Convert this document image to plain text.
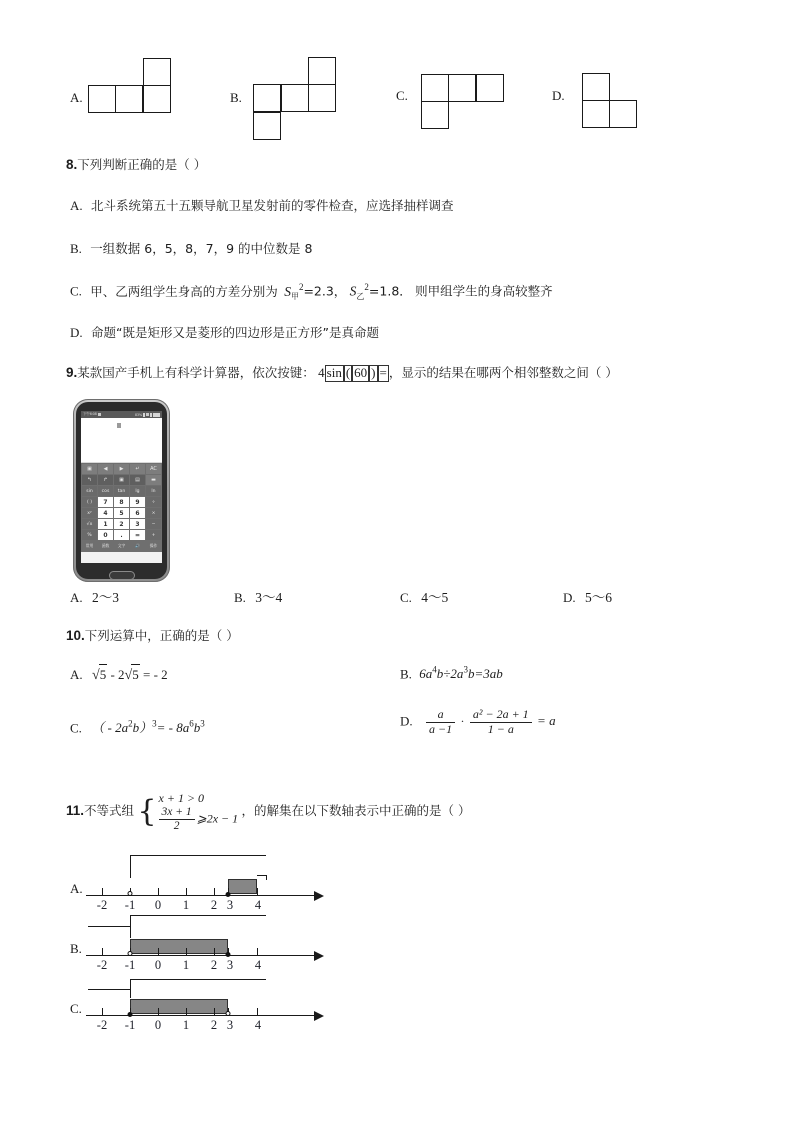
A.	B.	C.	D.
8.下列判断正确的是（ ）
A. 北斗系统第五十五颗导航卫星发射前的零件检查，应选择抽样调查
B. 一组数据 6，5，8，7，9 的中位数是 8
C. 甲、乙两组学生身高的方差分别为 $S_甲^2=2.3$， $S_乙^2=1.8$． 则甲组学生的身高较整齐
D. 命题“既是矩形又是菱形的四边形是正方形”是真命题
9.某款国产手机上有科学计算器，依次按键： 4 sin ( 60 ) = ，显示的结果在哪两个相邻整数之间（ ）
下午6:08	83%
▣	◀	▶	↵	AC
↰	↱	▣	▤	▬
sin	cos	tan	lg	ln
( )	7	8	9	÷
xʸ	4	5	6	×
√x	1	2	3	−
%	0	.	=	+
常用	函数	文字	🔊	操作
A. 2～3	B. 3～4	C. 4～5	D. 5～6
10.下列运算中，正确的是（ ）
A. √5 - 2√5 = - 2	B. $6a^4b\div 2a^3b=3ab$
C. （ - $2a^2b)^3= - 8a^6b^3$	D. $\frac{a}{a -1} \cdot \frac{\text{a² − 2a + 1}}{1 - a} = a$
11.不等式组 { x + 1 > 0
$\frac{3x + 1}{2}$ ⩾2x − 1
，的解集在以下数轴表示中正确的是（ ）
A.
-2 -1 0 1 2 3 4
B.
-2 -1 0 1 2 3 4
C.
-2 -1 0 1 2 3 4
